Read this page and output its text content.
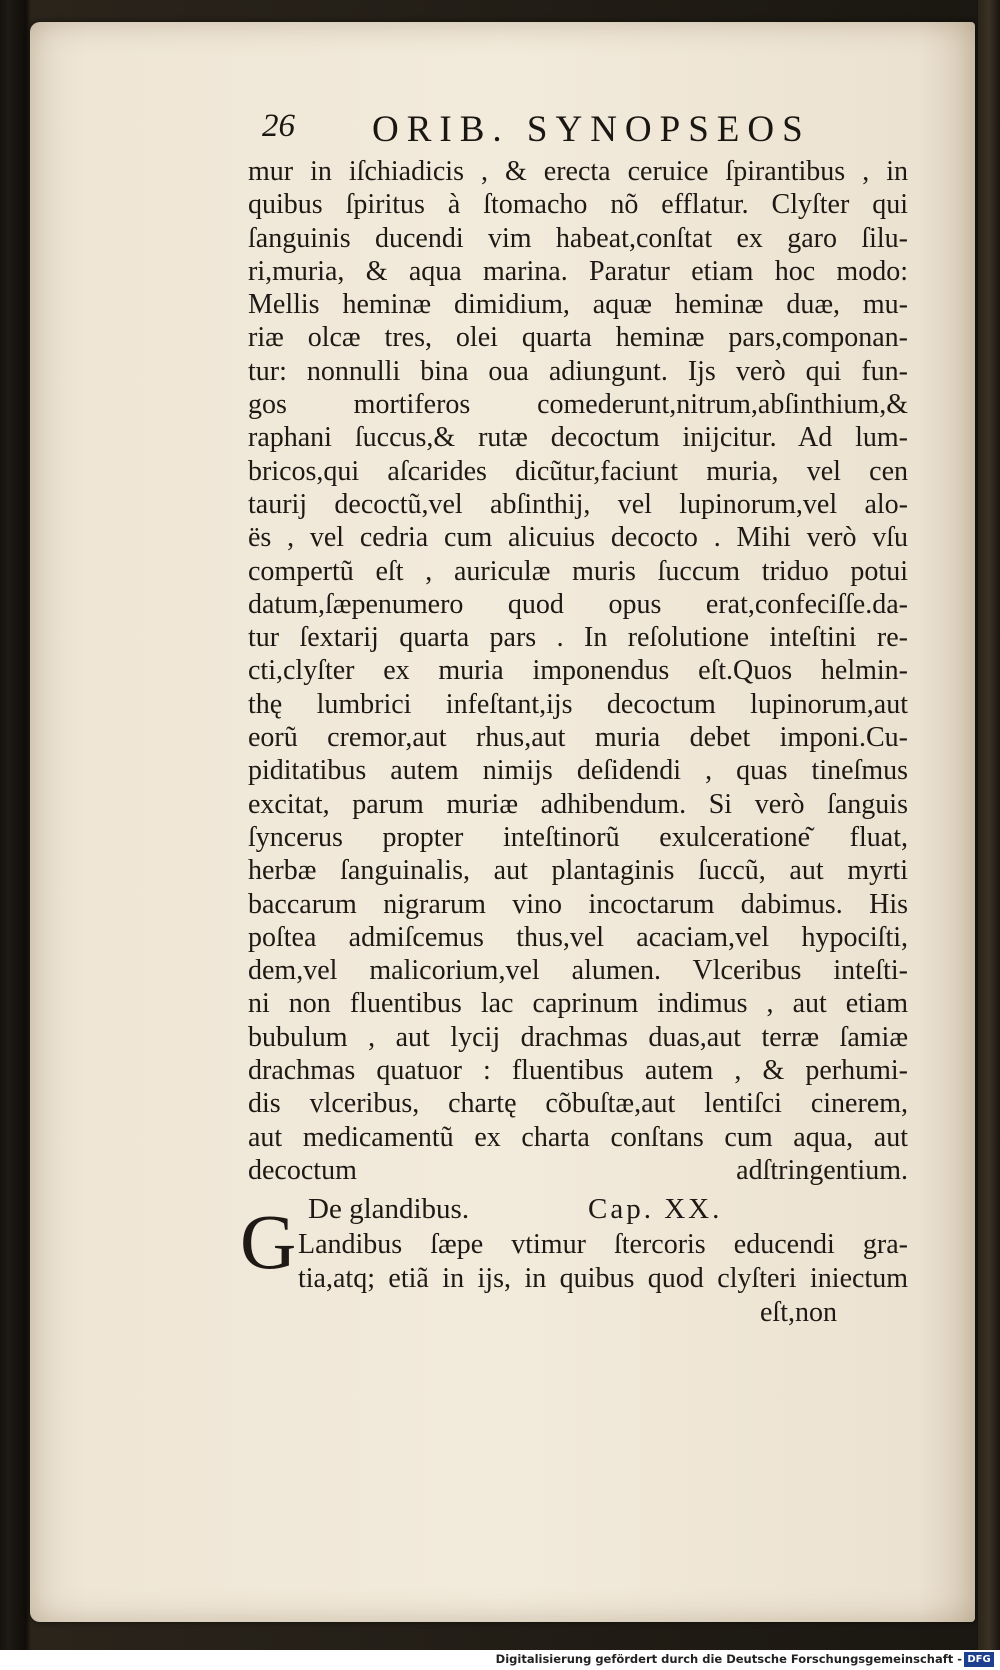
26 ORIB. SYNOPSEOS
mur in iſchiadicis , & erecta ceruice ſpirantibus , in
quibus ſpiritus à ſtomacho nõ efflatur. Clyſter qui
ſanguinis ducendi vim habeat,conſtat ex garo ſilu-
ri,muria, & aqua marina. Paratur etiam hoc modo:
Mellis heminæ dimidium, aquæ heminæ duæ, mu-
riæ olcæ tres, olei quarta heminæ pars,componan-
tur: nonnulli bina oua adiungunt. Ijs verò qui fun-
gos mortiferos comederunt,nitrum,abſinthium,&
raphani ſuccus,& rutæ decoctum inijcitur. Ad lum-
bricos,qui aſcarides dicũtur,faciunt muria, vel cen
taurij decoctũ,vel abſinthij, vel lupinorum,vel alo-
ës , vel cedria cum alicuius decocto . Mihi verò vſu
compertũ eſt , auriculæ muris ſuccum triduo potui
datum,ſæpenumero quod opus erat,confeciſſe.da-
tur ſextarij quarta pars . In reſolutione inteſtini re-
cti,clyſter ex muria imponendus eſt.Quos helmin-
thę lumbrici infeſtant,ijs decoctum lupinorum,aut
eorũ cremor,aut rhus,aut muria debet imponi.Cu-
piditatibus autem nimijs deſidendi , quas tineſmus
excitat, parum muriæ adhibendum. Si verò ſanguis
ſyncerus propter inteſtinorũ exulceratione͂ fluat,
herbæ ſanguinalis, aut plantaginis ſuccũ, aut myrti
baccarum nigrarum vino incoctarum dabimus. His
poſtea admiſcemus thus,vel acaciam,vel hypociſti,
dem,vel malicorium,vel alumen. Vlceribus inteſti-
ni non fluentibus lac caprinum indimus , aut etiam
bubulum , aut lycij drachmas duas,aut terræ ſamiæ
drachmas quatuor : fluentibus autem , & perhumi-
dis vlceribus, chartę cõbuſtæ,aut lentiſci cinerem,
aut medicamentũ ex charta conſtans cum aqua, aut
decoctum adſtringentium.
De glandibus.	Cap. XX.
G Landibus ſæpe vtimur ſtercoris educendi gra-
tia,atq; etiã in ijs, in quibus quod clyſteri iniectum
eſt,non
Digitalisierung gefördert durch die Deutsche Forschungsgemeinschaft - DFG
